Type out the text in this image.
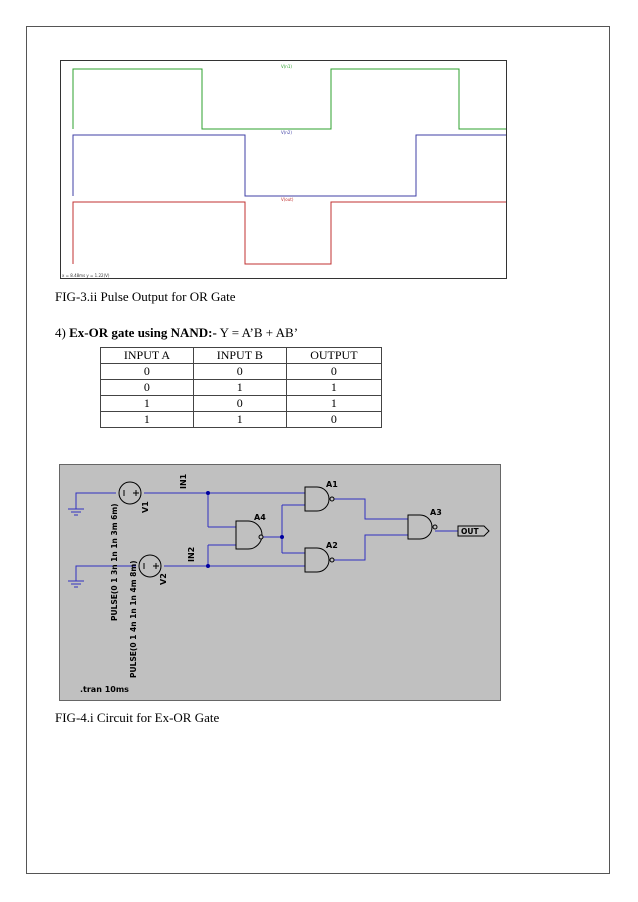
V(n1)
V(n2)
V(out)
x = 8.48ms y = 1.22(V)
FIG-3.ii Pulse Output for OR Gate
4) Ex-OR gate using NAND:- Y = A’B + AB’
INPUT A	INPUT B	OUTPUT
0	0	0
0	1	1
1	0	1
1	1	0
IN1
IN2
V1
V2
PULSE(0 1 3n 1n 1n 3m 6m) PULSE(0 1 4n 1n 1n 4m 8m)
A1
A2
A3
A4
OUT
.tran 10ms
FIG-4.i Circuit for Ex-OR Gate
